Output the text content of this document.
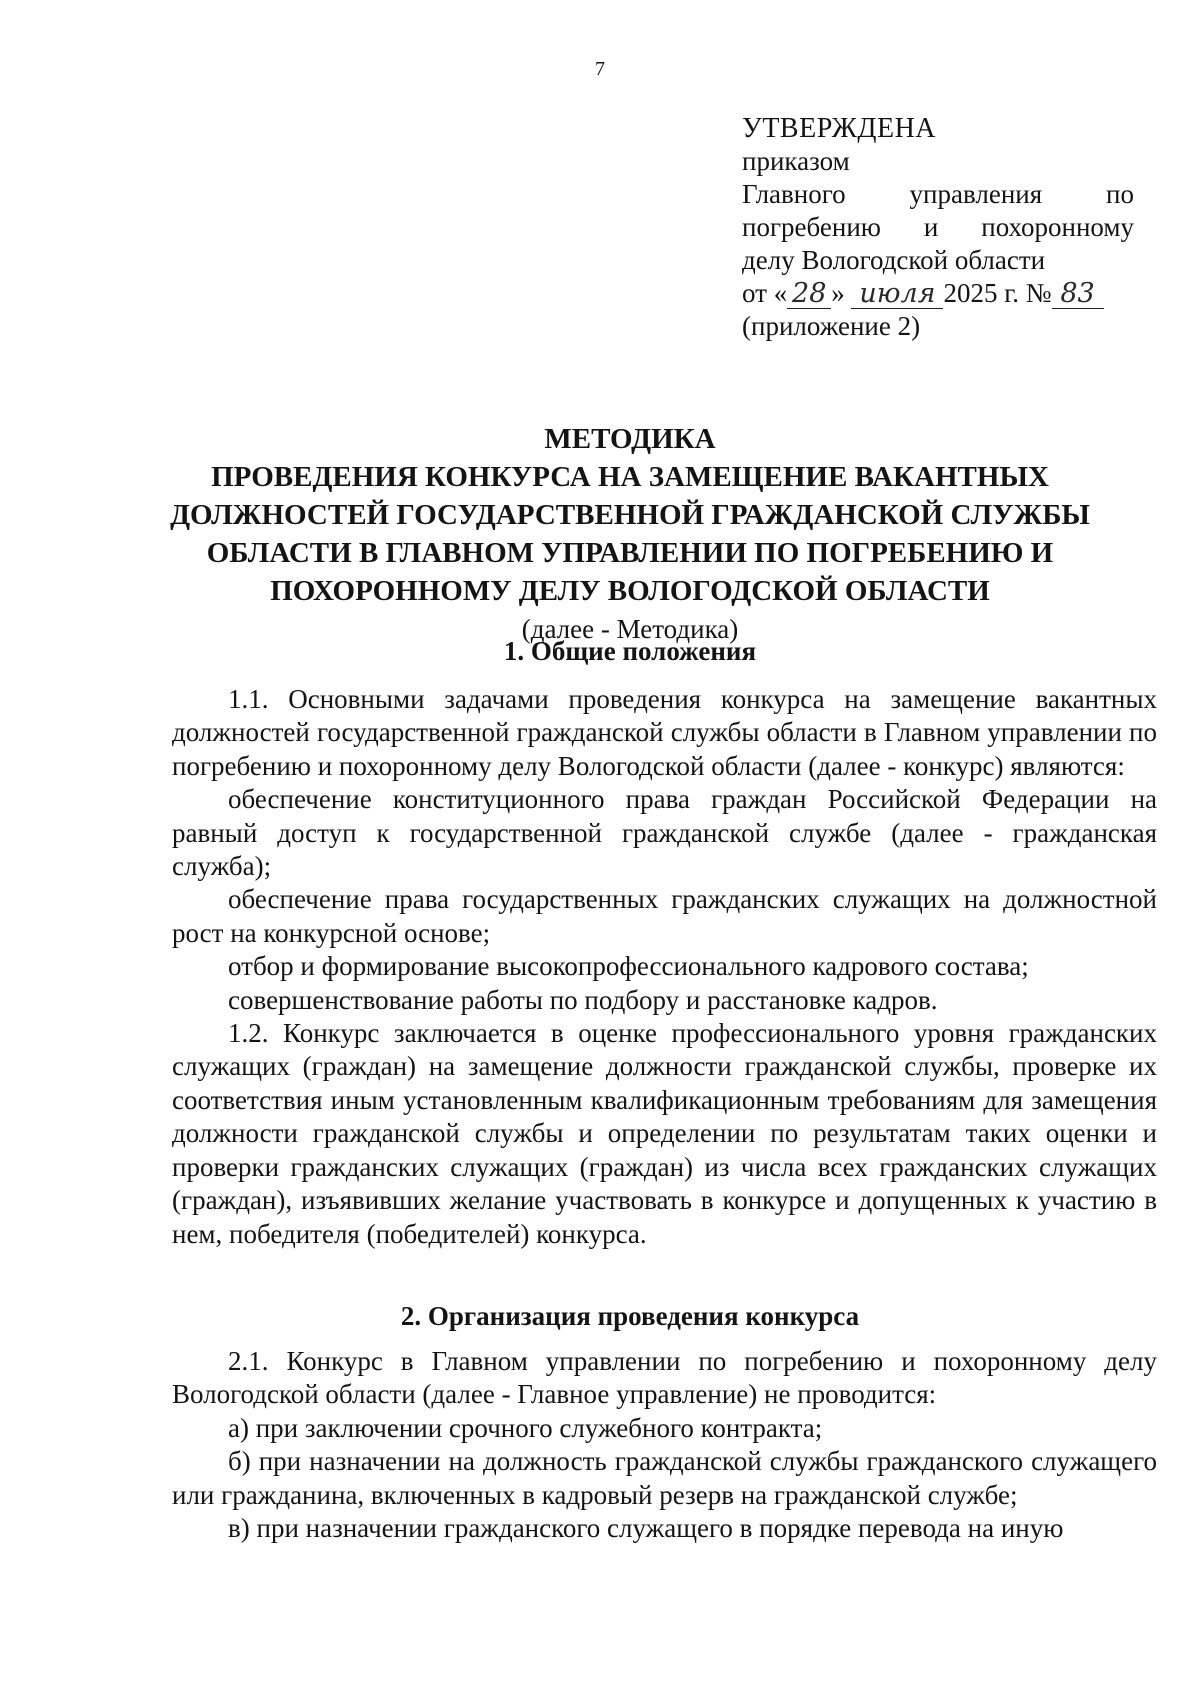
7
УТВЕРЖДЕНА
приказом
Главного управления по
погребению и похоронному
делу Вологодской области
от « 28 » июля 2025 г. № 83
(приложение 2)
МЕТОДИКА
ПРОВЕДЕНИЯ КОНКУРСА НА ЗАМЕЩЕНИЕ ВАКАНТНЫХ
ДОЛЖНОСТЕЙ ГОСУДАРСТВЕННОЙ ГРАЖДАНСКОЙ СЛУЖБЫ
ОБЛАСТИ В ГЛАВНОМ УПРАВЛЕНИИ ПО ПОГРЕБЕНИЮ И
ПОХОРОННОМУ ДЕЛУ ВОЛОГОДСКОЙ ОБЛАСТИ
(далее - Методика)
1. Общие положения

1.1. Основными задачами проведения конкурса на замещение вакантных должностей государственной гражданской службы области в Главном управлении по погребению и похоронному делу Вологодской области (далее - конкурс) являются:

обеспечение конституционного права граждан Российской Федерации на равный доступ к государственной гражданской службе (далее - гражданская служба);

обеспечение права государственных гражданских служащих на должностной рост на конкурсной основе;

отбор и формирование высокопрофессионального кадрового состава;

совершенствование работы по подбору и расстановке кадров.

1.2. Конкурс заключается в оценке профессионального уровня гражданских служащих (граждан) на замещение должности гражданской службы, проверке их соответствия иным установленным квалификационным требованиям для замещения должности гражданской службы и определении по результатам таких оценки и проверки гражданских служащих (граждан) из числа всех гражданских служащих (граждан), изъявивших желание участвовать в конкурсе и допущенных к участию в нем, победителя (победителей) конкурса.

2. Организация проведения конкурса

2.1. Конкурс в Главном управлении по погребению и похоронному делу Вологодской области (далее - Главное управление) не проводится:

а) при заключении срочного служебного контракта;

б) при назначении на должность гражданской службы гражданского служащего или гражданина, включенных в кадровый резерв на гражданской службе;

в) при назначении гражданского служащего в порядке перевода на иную
